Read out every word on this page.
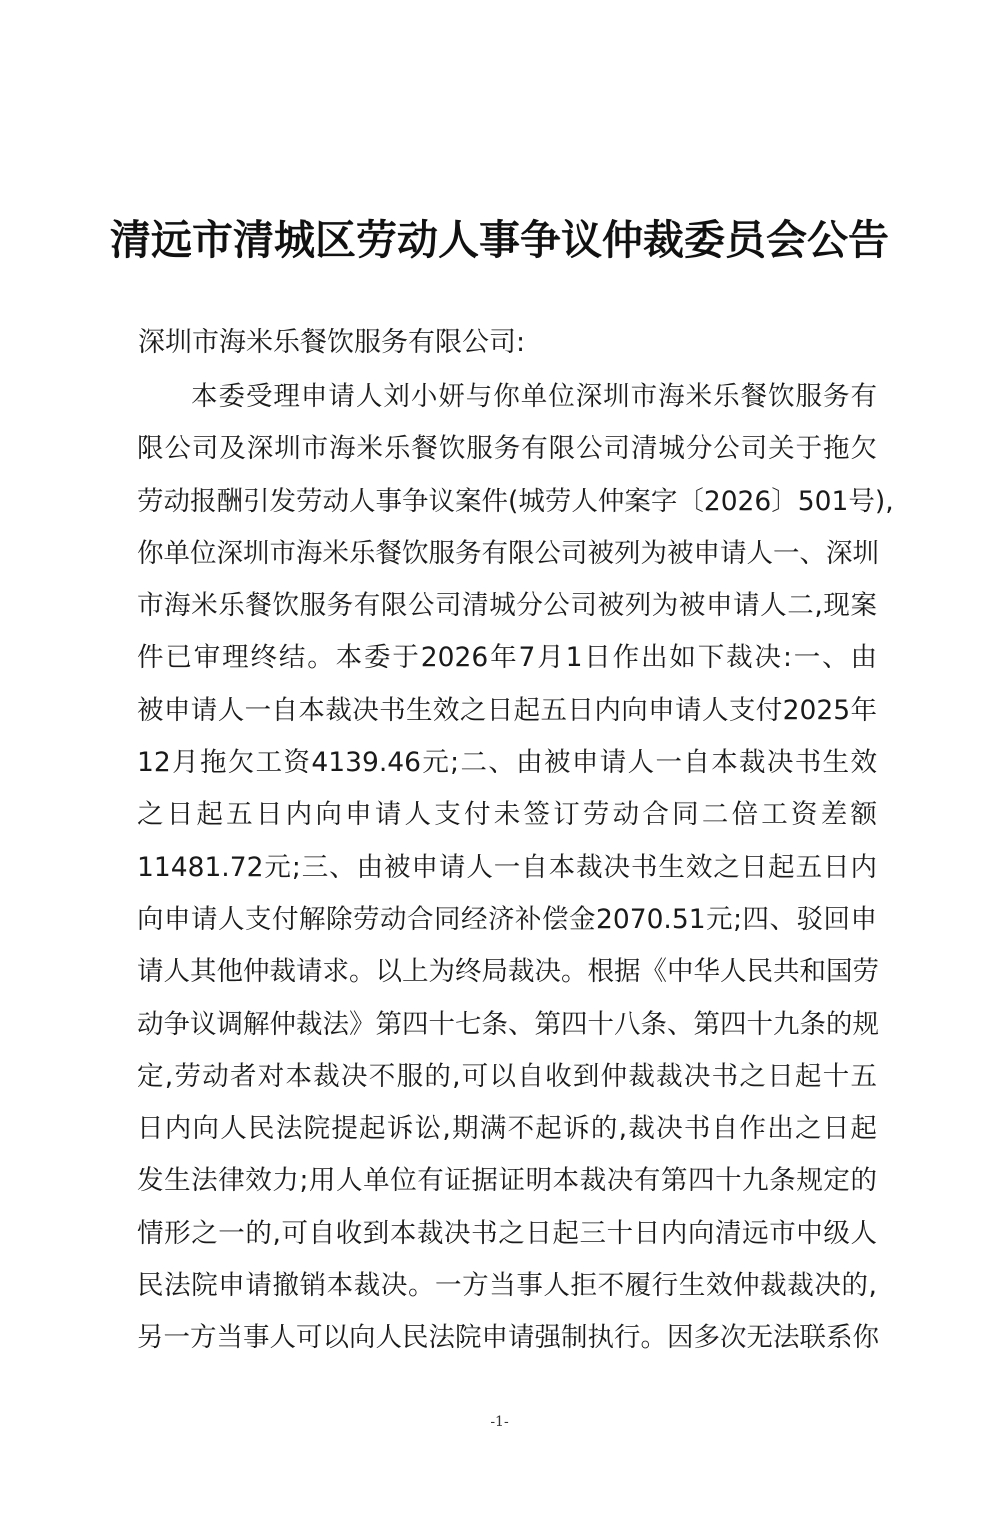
清远市清城区劳动人事争议仲裁委员会公告

深圳市海米乐餐饮服务有限公司:

本委受理申请人刘小妍与你单位深圳市海米乐餐饮服务有
限公司及深圳市海米乐餐饮服务有限公司清城分公司关于拖欠
劳动报酬引发劳动人事争议案件(城劳人仲案字〔2026〕501号),
你单位深圳市海米乐餐饮服务有限公司被列为被申请人一、深圳
市海米乐餐饮服务有限公司清城分公司被列为被申请人二,现案
件已审理终结。本委于2026年7月1日作出如下裁决:一、由
被申请人一自本裁决书生效之日起五日内向申请人支付2025年
12月拖欠工资4139.46元;二、由被申请人一自本裁决书生效
之日起五日内向申请人支付未签订劳动合同二倍工资差额
11481.72元;三、由被申请人一自本裁决书生效之日起五日内
向申请人支付解除劳动合同经济补偿金2070.51元;四、驳回申
请人其他仲裁请求。以上为终局裁决。根据《中华人民共和国劳
动争议调解仲裁法》第四十七条、第四十八条、第四十九条的规
定,劳动者对本裁决不服的,可以自收到仲裁裁决书之日起十五
日内向人民法院提起诉讼,期满不起诉的,裁决书自作出之日起
发生法律效力;用人单位有证据证明本裁决有第四十九条规定的
情形之一的,可自收到本裁决书之日起三十日内向清远市中级人
民法院申请撤销本裁决。一方当事人拒不履行生效仲裁裁决的,
另一方当事人可以向人民法院申请强制执行。因多次无法联系你
-1-
